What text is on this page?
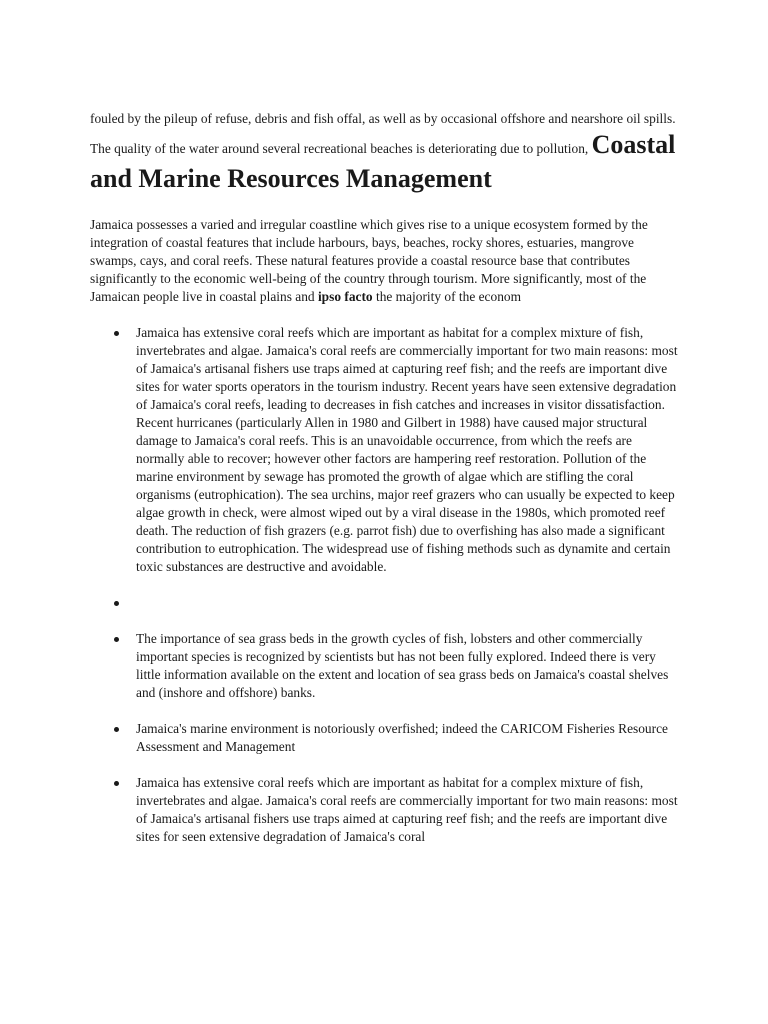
fouled by the pileup of refuse, debris and fish offal, as well as by occasional offshore and nearshore oil spills. The quality of the water around several recreational beaches is deteriorating due to pollution, Coastal and Marine Resources Management

Jamaica possesses a varied and irregular coastline which gives rise to a unique ecosystem formed by the integration of coastal features that include harbours, bays, beaches, rocky shores, estuaries, mangrove swamps, cays, and coral reefs. These natural features provide a coastal resource base that contributes significantly to the economic well-being of the country through tourism. More significantly, most of the Jamaican people live in coastal plains and ipso facto the majority of the econom

Jamaica has extensive coral reefs which are important as habitat for a complex mixture of fish, invertebrates and algae. Jamaica's coral reefs are commercially important for two main reasons: most of Jamaica's artisanal fishers use traps aimed at capturing reef fish; and the reefs are important dive sites for water sports operators in the tourism industry. Recent years have seen extensive degradation of Jamaica's coral reefs, leading to decreases in fish catches and increases in visitor dissatisfaction. Recent hurricanes (particularly Allen in 1980 and Gilbert in 1988) have caused major structural damage to Jamaica's coral reefs. This is an unavoidable occurrence, from which the reefs are normally able to recover; however other factors are hampering reef restoration. Pollution of the marine environment by sewage has promoted the growth of algae which are stifling the coral organisms (eutrophication). The sea urchins, major reef grazers who can usually be expected to keep algae growth in check, were almost wiped out by a viral disease in the 1980s, which promoted reef death. The reduction of fish grazers (e.g. parrot fish) due to overfishing has also made a significant contribution to eutrophication. The widespread use of fishing methods such as dynamite and certain toxic substances are destructive and avoidable.
The importance of sea grass beds in the growth cycles of fish, lobsters and other commercially important species is recognized by scientists but has not been fully explored. Indeed there is very little information available on the extent and location of sea grass beds on Jamaica's coastal shelves and (inshore and offshore) banks.
Jamaica's marine environment is notoriously overfished; indeed the CARICOM Fisheries Resource Assessment and Management
Jamaica has extensive coral reefs which are important as habitat for a complex mixture of fish, invertebrates and algae. Jamaica's coral reefs are commercially important for two main reasons: most of Jamaica's artisanal fishers use traps aimed at capturing reef fish; and the reefs are important dive sites for seen extensive degradation of Jamaica's coral
